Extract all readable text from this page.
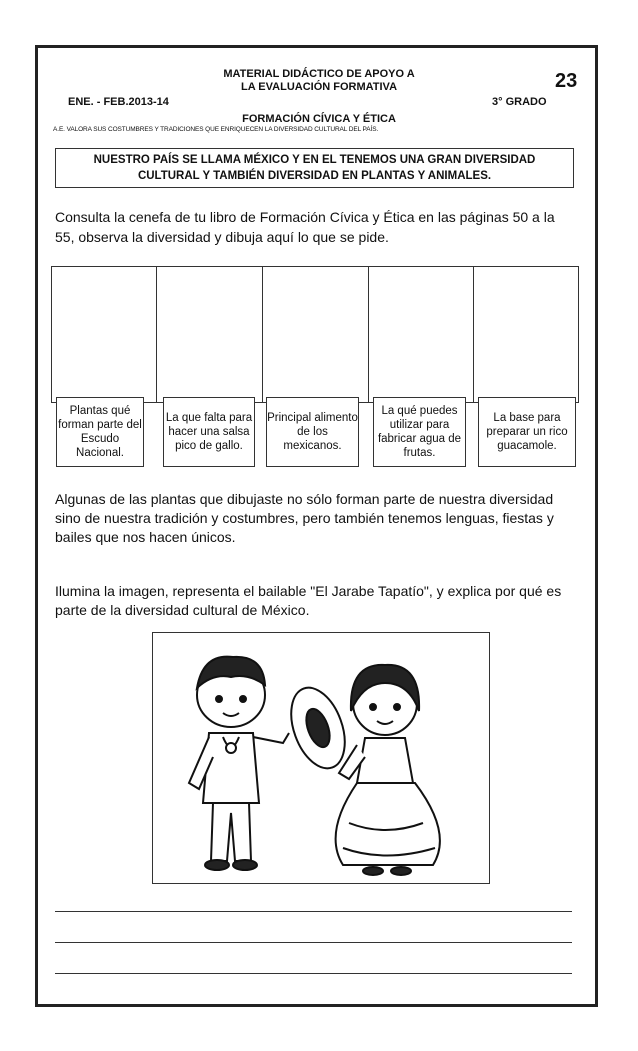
MATERIAL DIDÁCTICO DE APOYO A
LA EVALUACIÓN FORMATIVA
ENE. - FEB.2013-14	3° GRADO
23
FORMACIÓN CÍVICA Y ÉTICA
A.E. VALORA SUS COSTUMBRES Y TRADICIONES QUE ENRIQUECEN LA DIVERSIDAD CULTURAL DEL PAÍS.
NUESTRO PAÍS SE LLAMA MÉXICO Y EN EL TENEMOS UNA GRAN DIVERSIDAD
CULTURAL Y TAMBIÉN DIVERSIDAD EN PLANTAS Y ANIMALES.
Consulta la cenefa de tu libro de Formación Cívica y Ética en las páginas 50 a la 55, observa la diversidad y dibuja aquí lo que se pide.
Plantas qué forman parte del Escudo Nacional.
La que falta para hacer una salsa pico de gallo.
Principal alimento de los mexicanos.
La qué puedes utilizar para fabricar agua de frutas.
La base para preparar un rico guacamole.
Algunas de las plantas que dibujaste no sólo forman parte de nuestra diversidad sino de nuestra tradición y costumbres, pero también tenemos lenguas, fiestas y bailes que nos hacen únicos.
Ilumina la imagen, representa el bailable "El Jarabe Tapatío", y explica por qué es parte de la diversidad cultural de México.
